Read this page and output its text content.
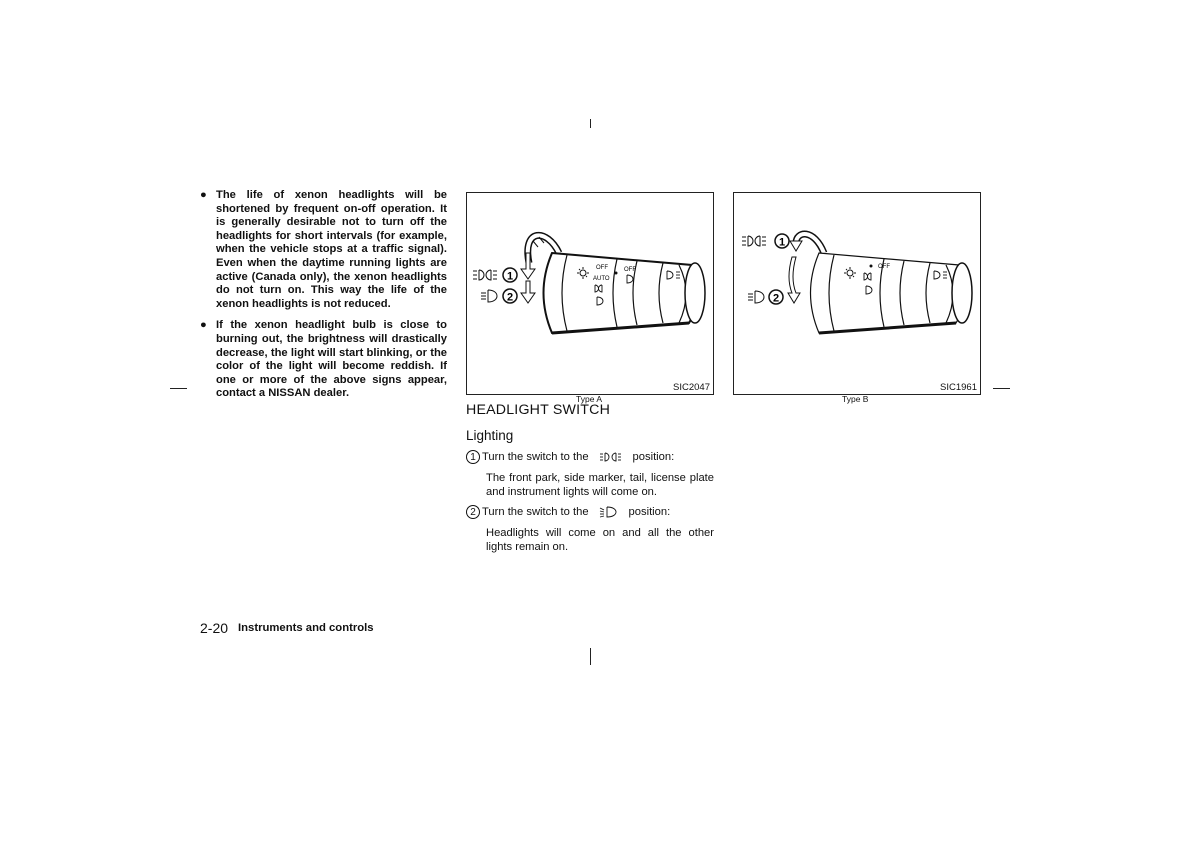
● The life of xenon headlights will be shortened by frequent on-off operation. It is generally desirable not to turn off the headlights for short intervals (for example, when the vehicle stops at a traffic signal). Even when the daytime running lights are active (Canada only), the xenon headlights do not turn on. This way the life of the xenon headlights is not reduced.
● If the xenon headlight bulb is close to burning out, the brightness will drastically decrease, the light will start blinking, or the color of the light will become reddish. If one or more of the above signs appear, contact a NISSAN dealer.
1
2
OFF
AUTO
OFF
SIC2047
Type A
1
2
OFF
SIC1961
Type B
HEADLIGHT SWITCH
Lighting
1 Turn the switch to the	position:
The front park, side marker, tail, license plate and instrument lights will come on.
2 Turn the switch to the	position:
Headlights will come on and all the other lights remain on.
2-20 Instruments and controls
